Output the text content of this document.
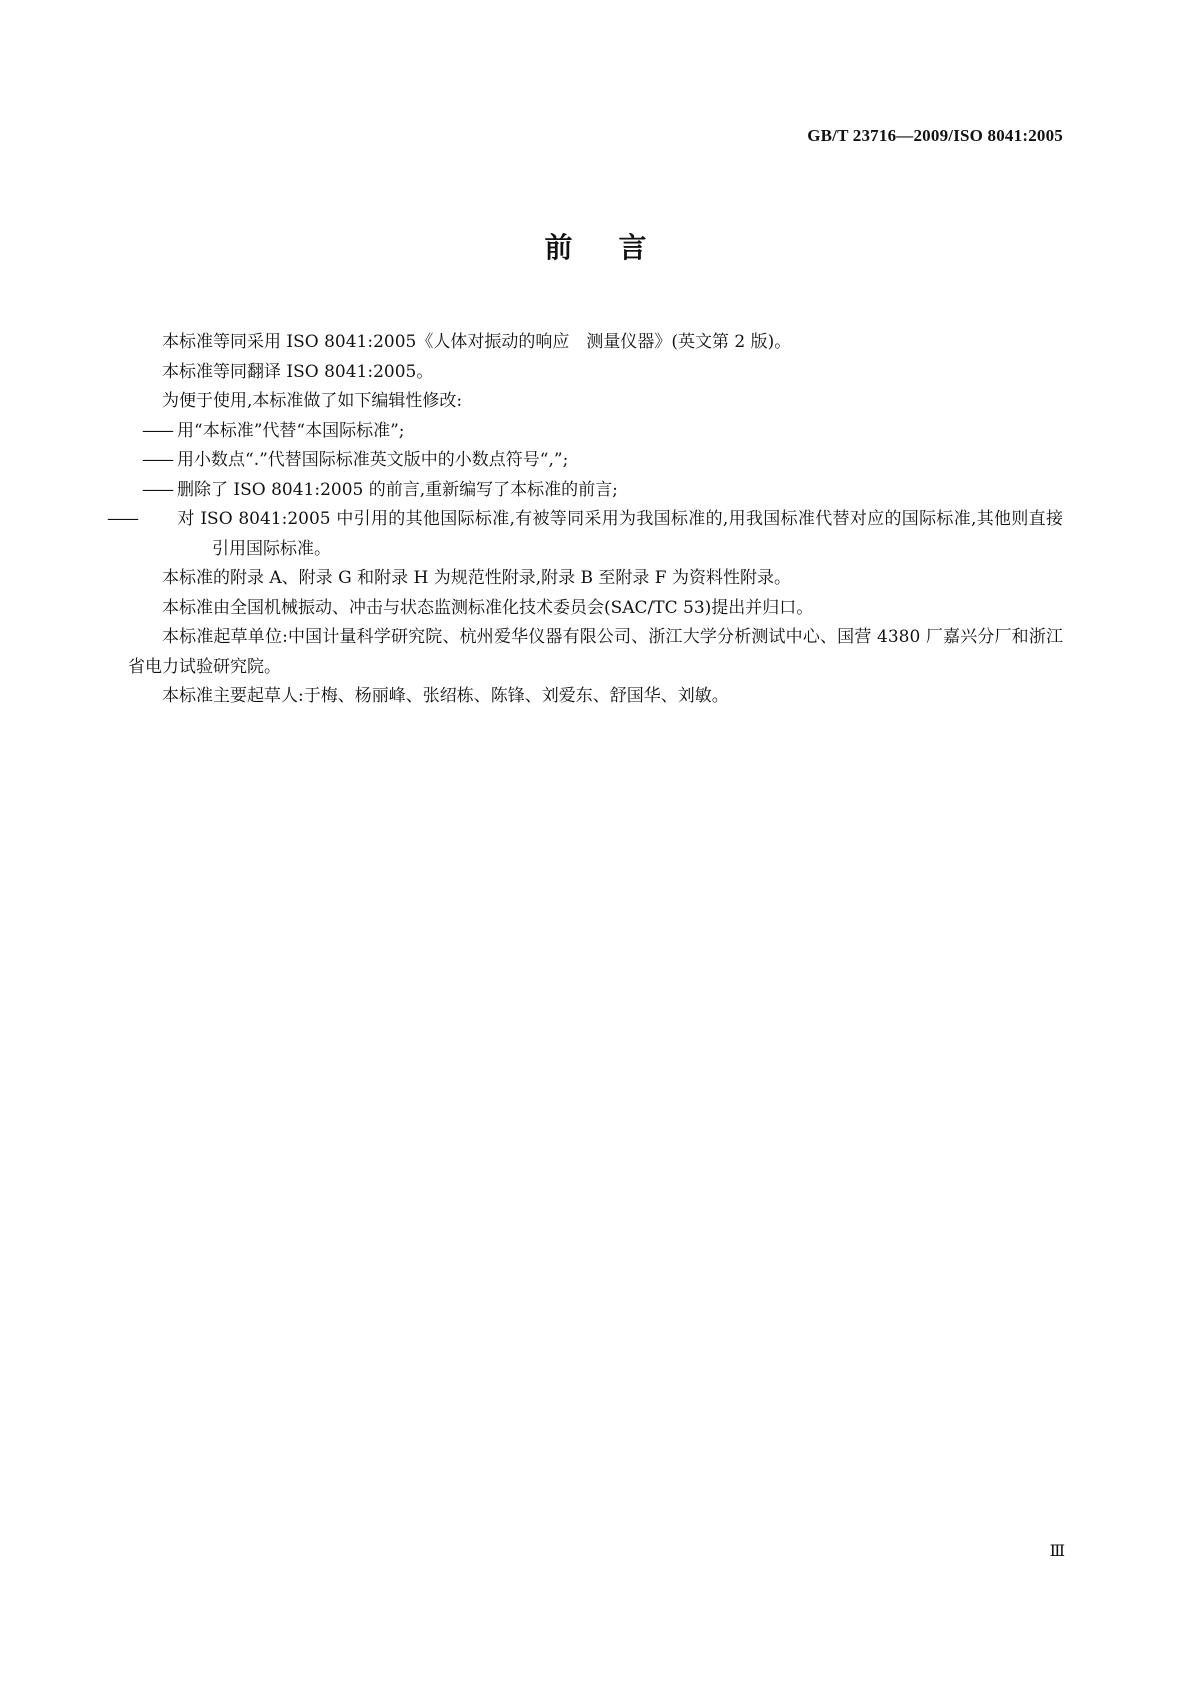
GB/T 23716—2009/ISO 8041:2005
前言

本标准等同采用 ISO 8041:2005《人体对振动的响应　测量仪器》(英文第 2 版)。

本标准等同翻译 ISO 8041:2005。

为便于使用,本标准做了如下编辑性修改:

—— 用“本标准”代替“本国际标准”;

—— 用小数点“.”代替国际标准英文版中的小数点符号“,”;

—— 删除了 ISO 8041:2005 的前言,重新编写了本标准的前言;

—— 对 ISO 8041:2005 中引用的其他国际标准,有被等同采用为我国标准的,用我国标准代替对应的国际标准,其他则直接引用国际标准。

本标准的附录 A、附录 G 和附录 H 为规范性附录,附录 B 至附录 F 为资料性附录。

本标准由全国机械振动、冲击与状态监测标准化技术委员会(SAC/TC 53)提出并归口。

本标准起草单位:中国计量科学研究院、杭州爱华仪器有限公司、浙江大学分析测试中心、国营 4380 厂嘉兴分厂和浙江省电力试验研究院。

本标准主要起草人:于梅、杨丽峰、张绍栋、陈锋、刘爱东、舒国华、刘敏。

Ⅲ
